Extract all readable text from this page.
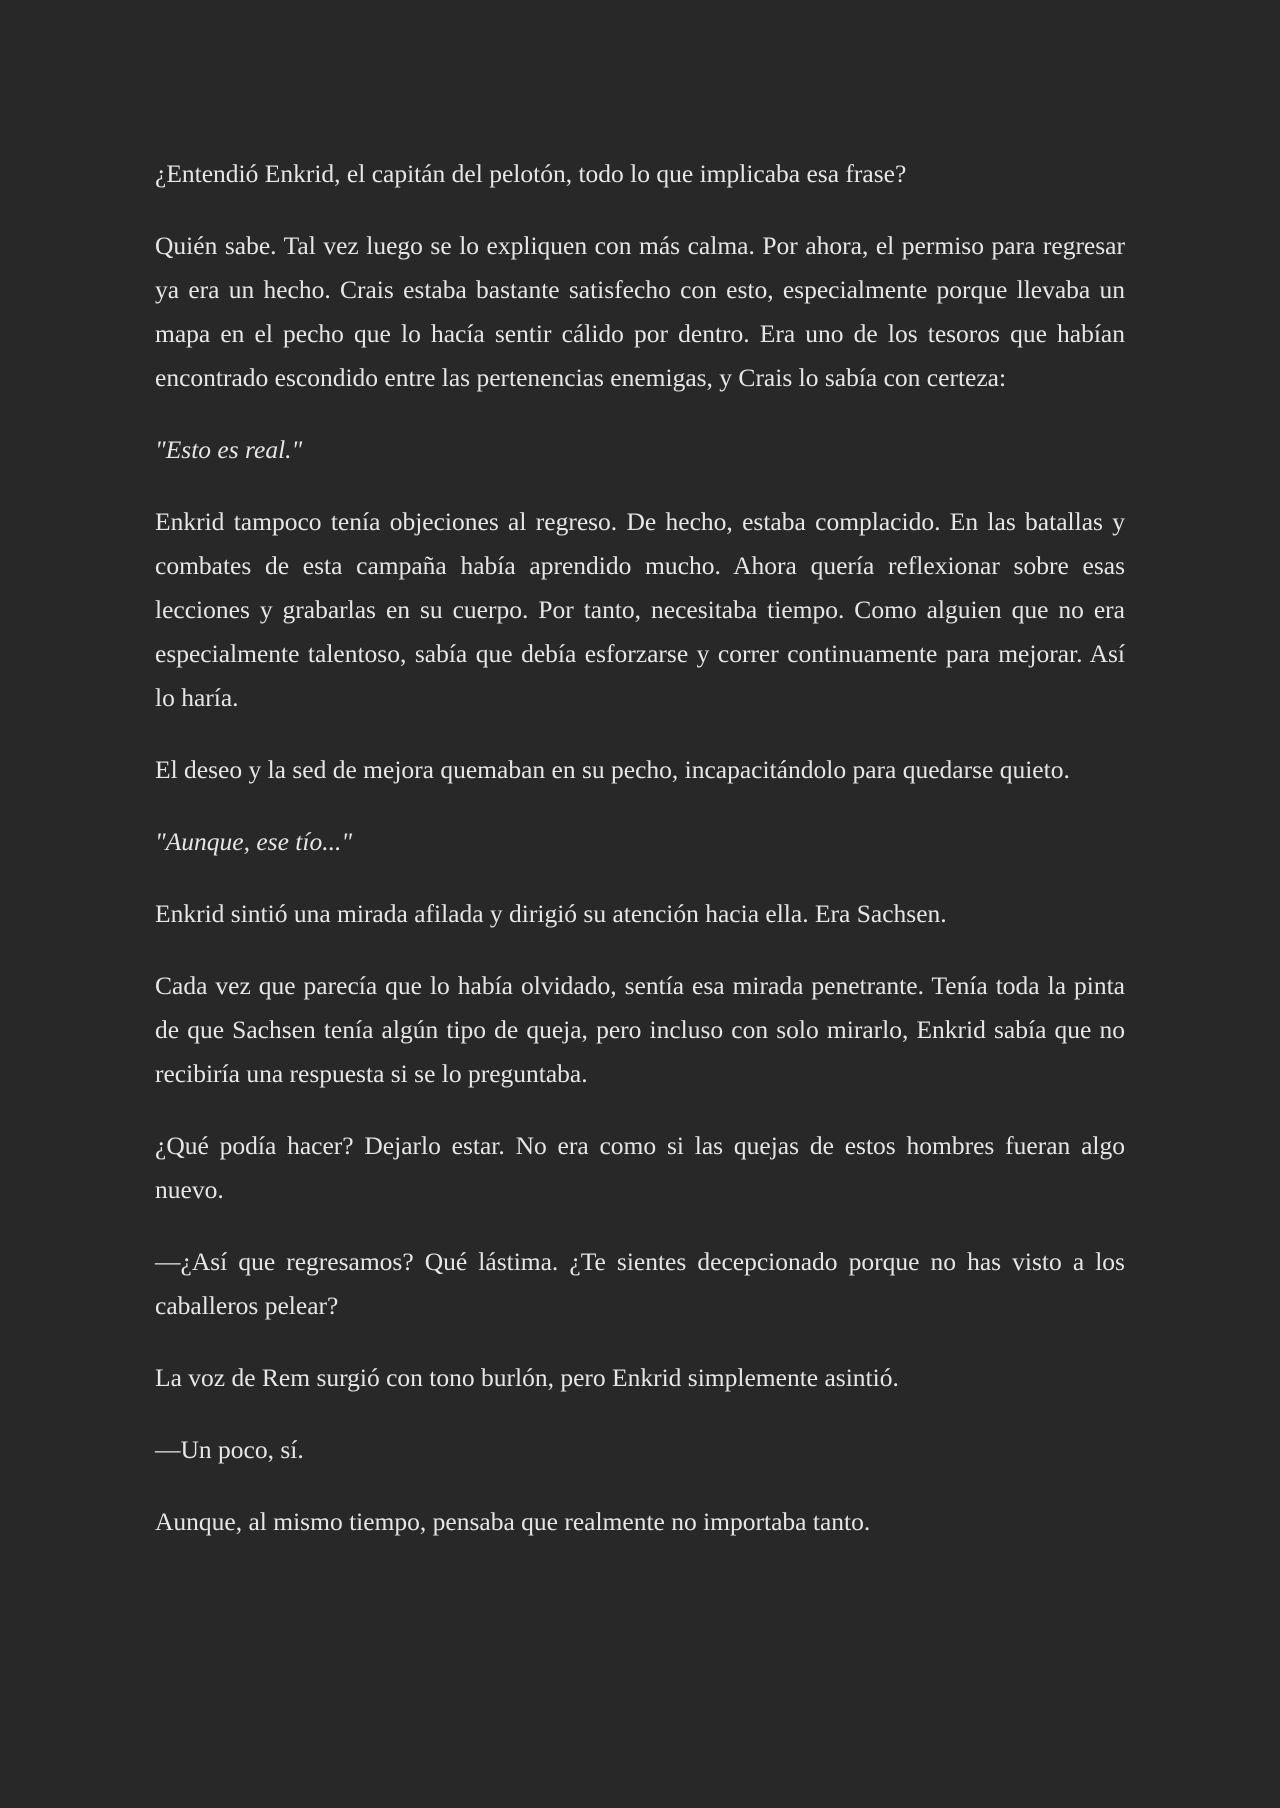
¿Entendió Enkrid, el capitán del pelotón, todo lo que implicaba esa frase?

Quién sabe. Tal vez luego se lo expliquen con más calma. Por ahora, el permiso para regresar ya era un hecho. Crais estaba bastante satisfecho con esto, especialmente porque llevaba un mapa en el pecho que lo hacía sentir cálido por dentro. Era uno de los tesoros que habían encontrado escondido entre las pertenencias enemigas, y Crais lo sabía con certeza:

"Esto es real."

Enkrid tampoco tenía objeciones al regreso. De hecho, estaba complacido. En las batallas y combates de esta campaña había aprendido mucho. Ahora quería reflexionar sobre esas lecciones y grabarlas en su cuerpo. Por tanto, necesitaba tiempo. Como alguien que no era especialmente talentoso, sabía que debía esforzarse y correr continuamente para mejorar. Así lo haría.

El deseo y la sed de mejora quemaban en su pecho, incapacitándolo para quedarse quieto.

"Aunque, ese tío..."

Enkrid sintió una mirada afilada y dirigió su atención hacia ella. Era Sachsen.

Cada vez que parecía que lo había olvidado, sentía esa mirada penetrante. Tenía toda la pinta de que Sachsen tenía algún tipo de queja, pero incluso con solo mirarlo, Enkrid sabía que no recibiría una respuesta si se lo preguntaba.

¿Qué podía hacer? Dejarlo estar. No era como si las quejas de estos hombres fueran algo nuevo.

—¿Así que regresamos? Qué lástima. ¿Te sientes decepcionado porque no has visto a los caballeros pelear?

La voz de Rem surgió con tono burlón, pero Enkrid simplemente asintió.

—Un poco, sí.

Aunque, al mismo tiempo, pensaba que realmente no importaba tanto.
